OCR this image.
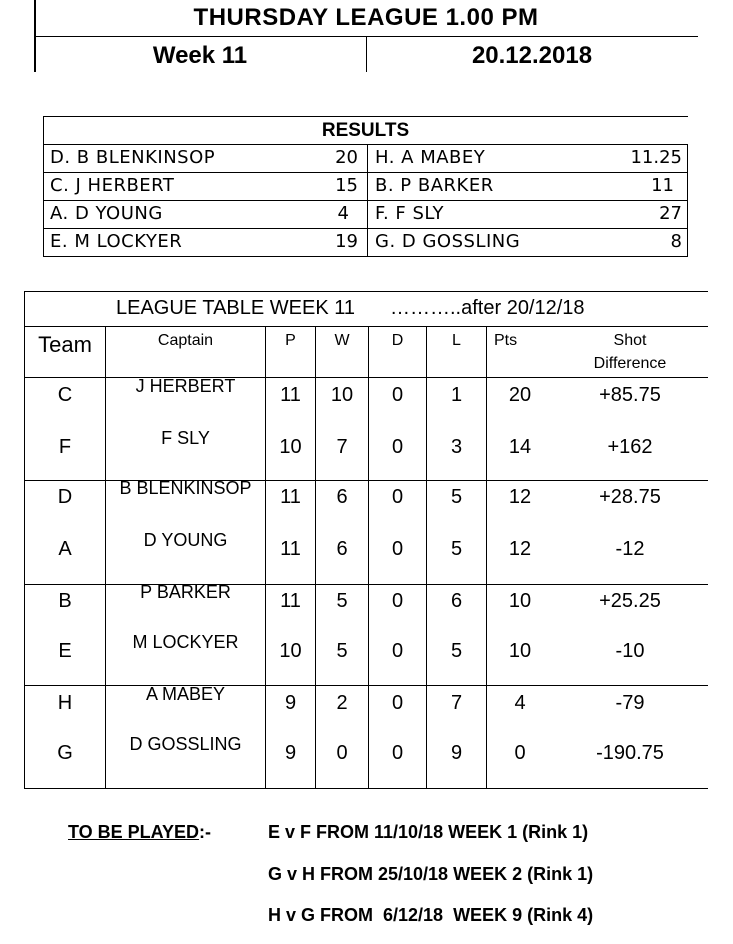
THURSDAY LEAGUE 1.00 PM
Week 11	20.12.2018
RESULTS
D. B BLENKINSOP	20 H. A MABEY	11.25
C. J HERBERT	15 B. P BARKER	11
A. D YOUNG	4 F. F SLY	27
E. M LOCKYER	19 G. D GOSSLING	8
LEAGUE TABLE WEEK 11 ………..after 20/12/18
Team	Captain	P	W	D	L	Pts	Shot
Difference
C	J HERBERT	11	10	0	1	20	+85.75
F	F SLY	10	7	0	3	14	+162
D	B BLENKINSOP	11	6	0	5	12	+28.75
A	D YOUNG	11	6	0	5	12	-12
B	P BARKER	11	5	0	6	10	+25.25
E	M LOCKYER	10	5	0	5	10	-10
H	A MABEY	9	2	0	7	4	-79
G	D GOSSLING	9	0	0	9	0	-190.75
TO BE PLAYED:-	E v F FROM 11/10/18 WEEK 1 (Rink 1)
G v H FROM 25/10/18 WEEK 2 (Rink 1)
H v G FROM  6/12/18  WEEK 9 (Rink 4)
